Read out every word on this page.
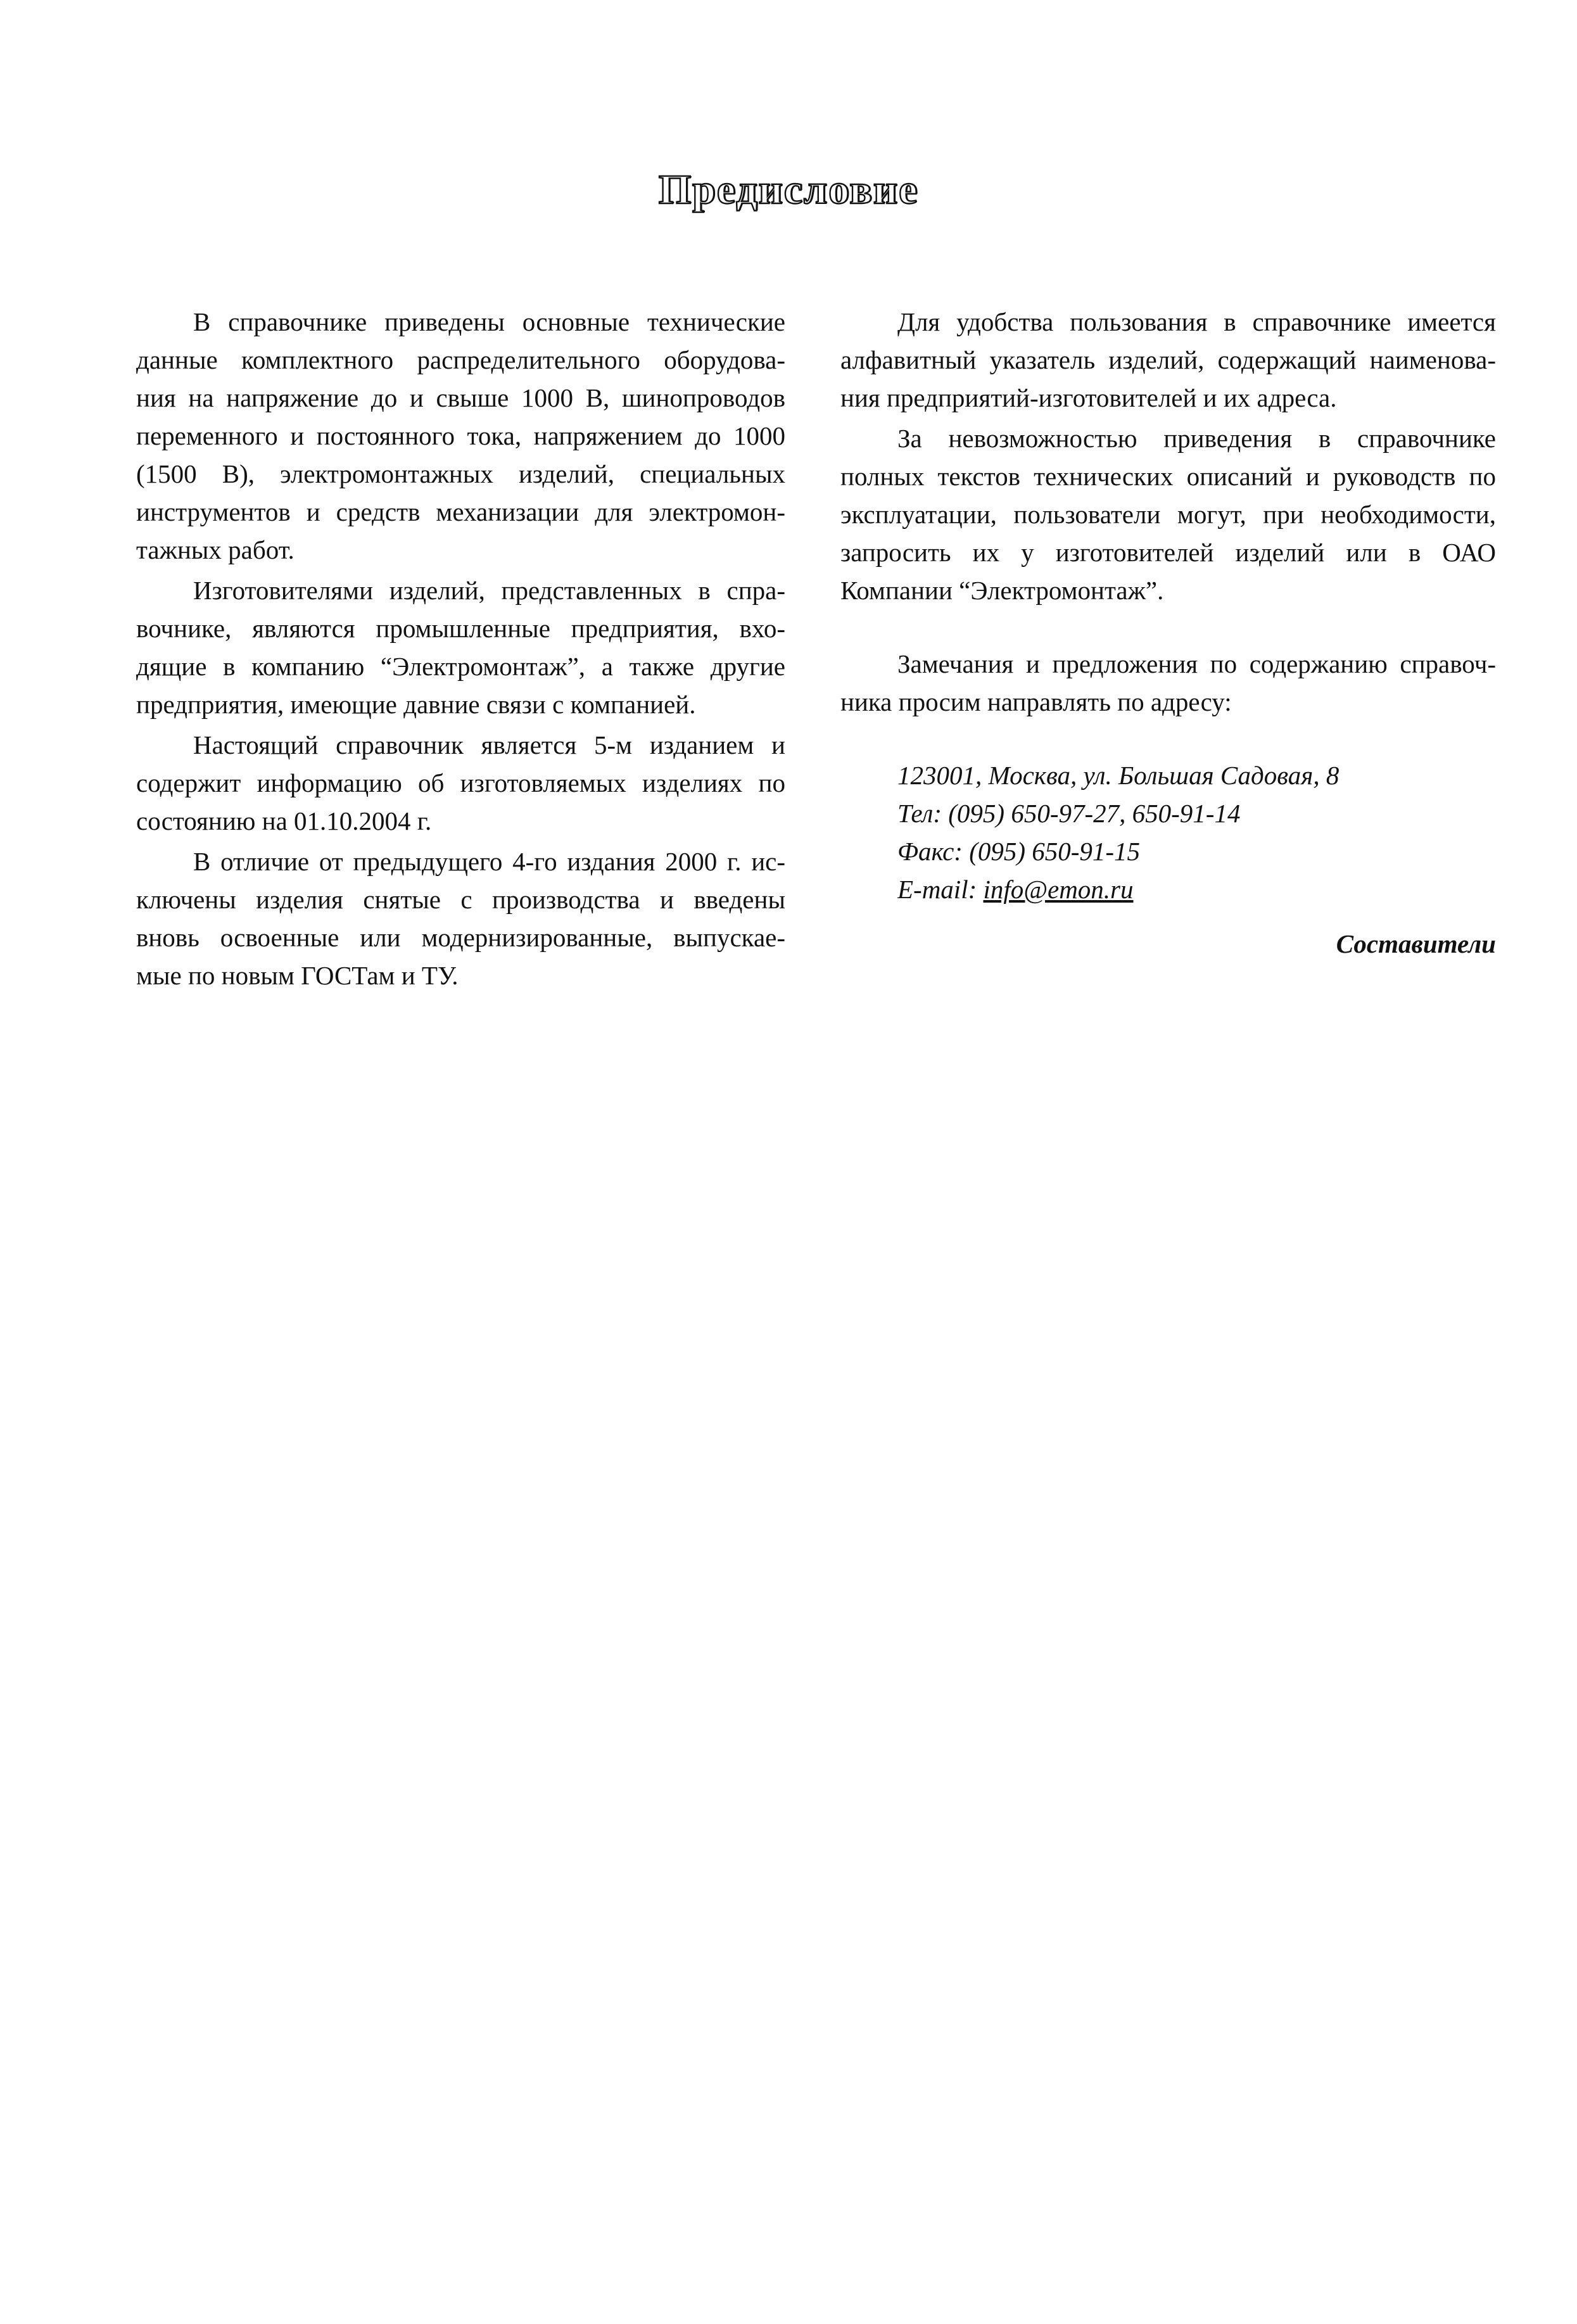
Предисловие
В справочнике приведены основные технические
данные комплектного распределительного оборудова-
ния на напряжение до и свыше 1000 В, шинопроводов
переменного и постоянного тока, напряжением до 1000
(1500 В), электромонтажных изделий, специальных
инструментов и средств механизации для электромон-
тажных работ.
Изготовителями изделий, представленных в спра-
вочнике, являются промышленные предприятия, вхо-
дящие в компанию “Электромонтаж”, а также другие
предприятия, имеющие давние связи с компанией.
Настоящий справочник является 5-м изданием и
содержит информацию об изготовляемых изделиях по
состоянию на 01.10.2004 г.
В отличие от предыдущего 4-го издания 2000 г. ис-
ключены изделия снятые с производства и введены
вновь освоенные или модернизированные, выпускае-
мые по новым ГОСТам и ТУ.
Для удобства пользования в справочнике имеется
алфавитный указатель изделий, содержащий наименова-
ния предприятий-изготовителей и их адреса.
За невозможностью приведения в справочнике
полных текстов технических описаний и руководств по
эксплуатации, пользователи могут, при необходимости,
запросить их у изготовителей изделий или в ОАО
Компании “Электромонтаж”.
Замечания и предложения по содержанию справоч-
ника просим направлять по адресу:
123001, Москва, ул. Большая Садовая, 8
Тел: (095) 650-97-27, 650-91-14
Факс: (095) 650-91-15
E-mail: info@emon.ru
Составители
